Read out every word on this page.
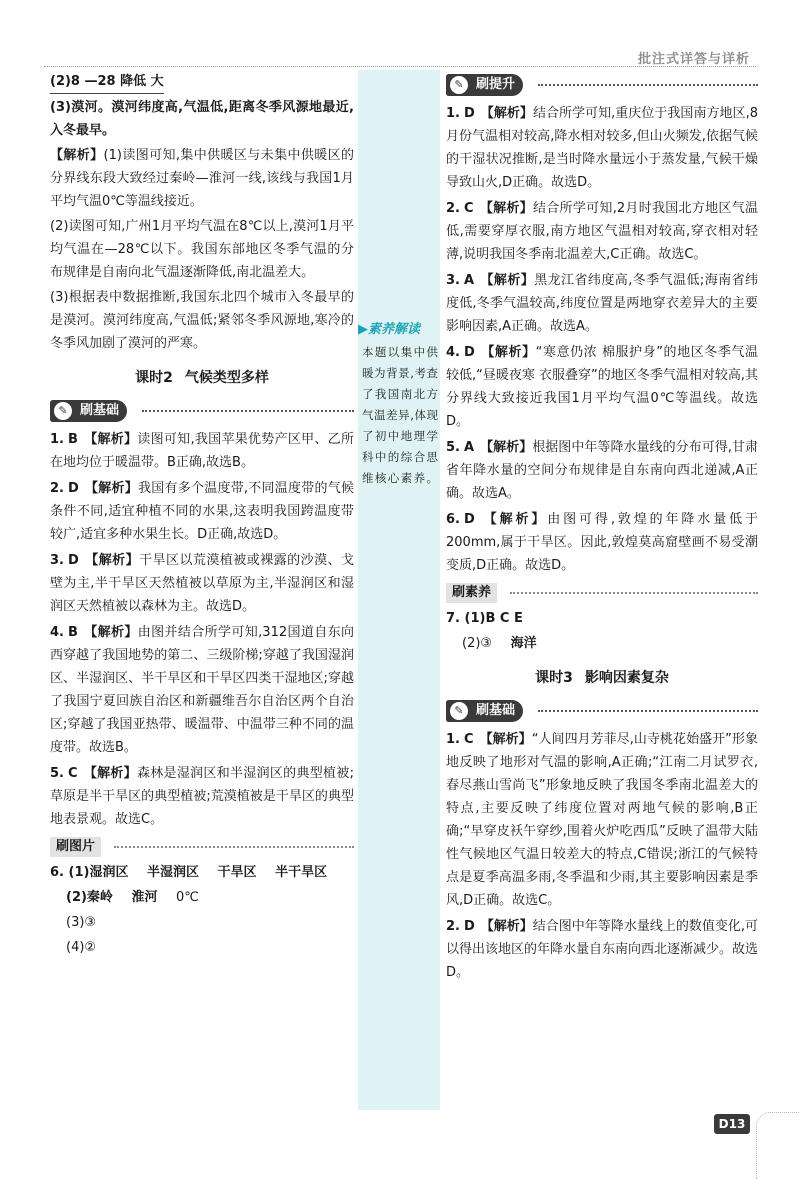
批注式详答与详析
(2)8 —28 降低 大
(3)漠河。漠河纬度高,气温低,距离冬季风源地最近,入冬最早。
【解析】(1)读图可知,集中供暖区与未集中供暖区的分界线东段大致经过秦岭—淮河一线,该线与我国1月平均气温0℃等温线接近。
(2)读图可知,广州1月平均气温在8℃以上,漠河1月平均气温在—28℃以下。我国东部地区冬季气温的分布规律是自南向北气温逐渐降低,南北温差大。
(3)根据表中数据推断,我国东北四个城市入冬最早的是漠河。漠河纬度高,气温低;紧邻冬季风源地,寒冷的冬季风加剧了漠河的严寒。
课时2 气候类型多样
✎ 刷基础
1. B 【解析】读图可知,我国苹果优势产区甲、乙所在地均位于暖温带。B正确,故选B。
2. D 【解析】我国有多个温度带,不同温度带的气候条件不同,适宜种植不同的水果,这表明我国跨温度带较广,适宜多种水果生长。D正确,故选D。
3. D 【解析】干旱区以荒漠植被或裸露的沙漠、戈壁为主,半干旱区天然植被以草原为主,半湿润区和湿润区天然植被以森林为主。故选D。
4. B 【解析】由图并结合所学可知,312国道自东向西穿越了我国地势的第二、三级阶梯;穿越了我国湿润区、半湿润区、半干旱区和干旱区四类干湿地区;穿越了我国宁夏回族自治区和新疆维吾尔自治区两个自治区;穿越了我国亚热带、暖温带、中温带三种不同的温度带。故选B。
5. C 【解析】森林是湿润区和半湿润区的典型植被;草原是半干旱区的典型植被;荒漠植被是干旱区的典型地表景观。故选C。
刷图片
6. (1)湿润区 半湿润区 干旱区 半干旱区
(2)秦岭 淮河 0℃
(3)③
(4)②
▶素养解读
本题以集中供暖为背景,考查了我国南北方气温差异,体现了初中地理学科中的综合思维核心素养。
✎ 刷提升
1. D 【解析】结合所学可知,重庆位于我国南方地区,8月份气温相对较高,降水相对较多,但山火频发,依据气候的干湿状况推断,是当时降水量远小于蒸发量,气候干燥导致山火,D正确。故选D。
2. C 【解析】结合所学可知,2月时我国北方地区气温低,需要穿厚衣服,南方地区气温相对较高,穿衣相对轻薄,说明我国冬季南北温差大,C正确。故选C。
3. A 【解析】黑龙江省纬度高,冬季气温低;海南省纬度低,冬季气温较高,纬度位置是两地穿衣差异大的主要影响因素,A正确。故选A。
4. D 【解析】“寒意仍浓 棉服护身”的地区冬季气温较低,“昼暖夜寒 衣服叠穿”的地区冬季气温相对较高,其分界线大致接近我国1月平均气温0℃等温线。故选D。
5. A 【解析】根据图中年等降水量线的分布可得,甘肃省年降水量的空间分布规律是自东南向西北递减,A正确。故选A。
6. D 【解析】由图可得,敦煌的年降水量低于200mm,属于干旱区。因此,敦煌莫高窟壁画不易受潮变质,D正确。故选D。
刷素养
7. (1)B C E
(2)③ 海洋
课时3 影响因素复杂
✎ 刷基础
1. C 【解析】“人间四月芳菲尽,山寺桃花始盛开”形象地反映了地形对气温的影响,A正确;“江南二月试罗衣,春尽燕山雪尚飞”形象地反映了我国冬季南北温差大的特点,主要反映了纬度位置对两地气候的影响,B正确;“早穿皮袄午穿纱,围着火炉吃西瓜”反映了温带大陆性气候地区气温日较差大的特点,C错误;浙江的气候特点是夏季高温多雨,冬季温和少雨,其主要影响因素是季风,D正确。故选C。
2. D 【解析】结合图中年等降水量线上的数值变化,可以得出该地区的年降水量自东南向西北逐渐减少。故选D。
D13
